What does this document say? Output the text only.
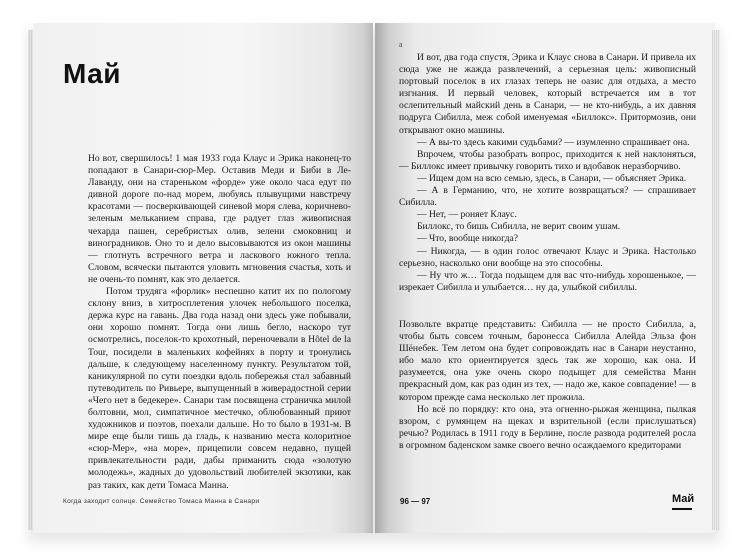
Май

Но вот, свершилось! 1 мая 1933 года Клаус и Эрика наконец-то попадают в Санари-сюр-Мер. Оставив Меди и Биби в Ле-Лаванду, они на стареньком «форде» уже около часа едут по дивной дороге по-над морем, любуясь плывущими навстречу красотами — посверкивающей синевой моря слева, коричнево-зеленым мельканием справа, где радует глаз живописная чехарда пашен, серебристых олив, зелени смоковниц и виноградников. Оно то и дело высовываются из окон машины — глотнуть встречного ветра и ласкового южного тепла. Словом, всячески пытаются уловить мгновения счастья, хоть и не очень-то помнят, как это делается.

Потом трудяга «форлик» неспешно катит их по пологому склону вниз, в хитросплетения улочек небольшого поселка, держа курс на гавань. Два года назад они здесь уже побывали, они хорошо помнят. Тогда они лишь бегло, наскоро тут осмотрелись, поселок-то крохотный, переночевали в Hôtel de la Tour, посидели в маленьких кофейнях в порту и тронулись дальше, к следующему населенному пункту. Результатом той, каникулярной по сути поездки вдоль побережья стал забавный путеводитель по Ривьере, выпущенный в живерадостной серии «Чего нет в бедекере». Санари там посвящена страничка милой болтовни, мол, симпатичное местечко, облюбованный приют художников и поэтов, поехали дальше. Но то было в 1931-м. В мире еще были тишь да гладь, к названию места колоритное «сюр-Мер», «на море», прицепили совсем недавно, пущей привлекательности ради, дабы приманить сюда «золотую молодежь», жадных до удовольствий любителей экзотики, как раз таких, как дети Томаса Манна.

Когда заходит солнце. Семейство Томаса Манна в Санари
a

И вот, два года спустя, Эрика и Клаус снова в Санари. И привела их сюда уже не жажда развлечений, а серьезная цель: живописный портовый поселок в их глазах теперь не оазис для отдыха, а место изгнания. И первый человек, который встречается им в тот ослепительный майский день в Санари, — не кто-нибудь, а их давняя подруга Сибилла, меж собой именуемая «Биллокс». Притормозив, они открывают окно машины.

— А вы-то здесь какими судьбами? — изумленно спрашивает она.

Впрочем, чтобы разобрать вопрос, приходится к ней наклоняться, — Биллокс имеет привычку говорить тихо и вдобавок неразборчиво.

— Ищем дом на всю семью, здесь, в Санари, — объясняет Эрика.

— А в Германию, что, не хотите возвращаться? — спрашивает Сибилла.

— Нет, — роняет Клаус.

Биллокс, то бишь Сибилла, не верит своим ушам.

— Что, вообще никогда?

— Никогда, — в один голос отвечают Клаус и Эрика. Настолько серьезно, насколько они вообще на это способны.

— Ну что ж… Тогда подыщем для вас что-нибудь хорошенькое, — изрекает Сибилла и улыбается… ну да, улыбкой сибиллы.

Позвольте вкратце представить: Сибилла — не просто Сибилла, а, чтобы быть совсем точным, баронесса Сибилла Алейда Эльза фон Шёнебек. Тем летом она будет сопровождать нас в Санари неустанно, ибо мало кто ориентируется здесь так же хорошо, как она. И разумеется, она уже очень скоро подыщет для семейства Манн прекрасный дом, как раз один из тех, — надо же, какое совпадение! — в котором прежде сама несколько лет прожила.

Но всё по порядку: кто она, эта огненно-рыжая женщина, пылкая взором, с румянцем на щеках и взрительной (если прислушаться) речью? Родилась в 1911 году в Берлине, после развода родителей росла в огромном баденском замке своего вечно осаждаемого кредиторами

96 — 97	Май
